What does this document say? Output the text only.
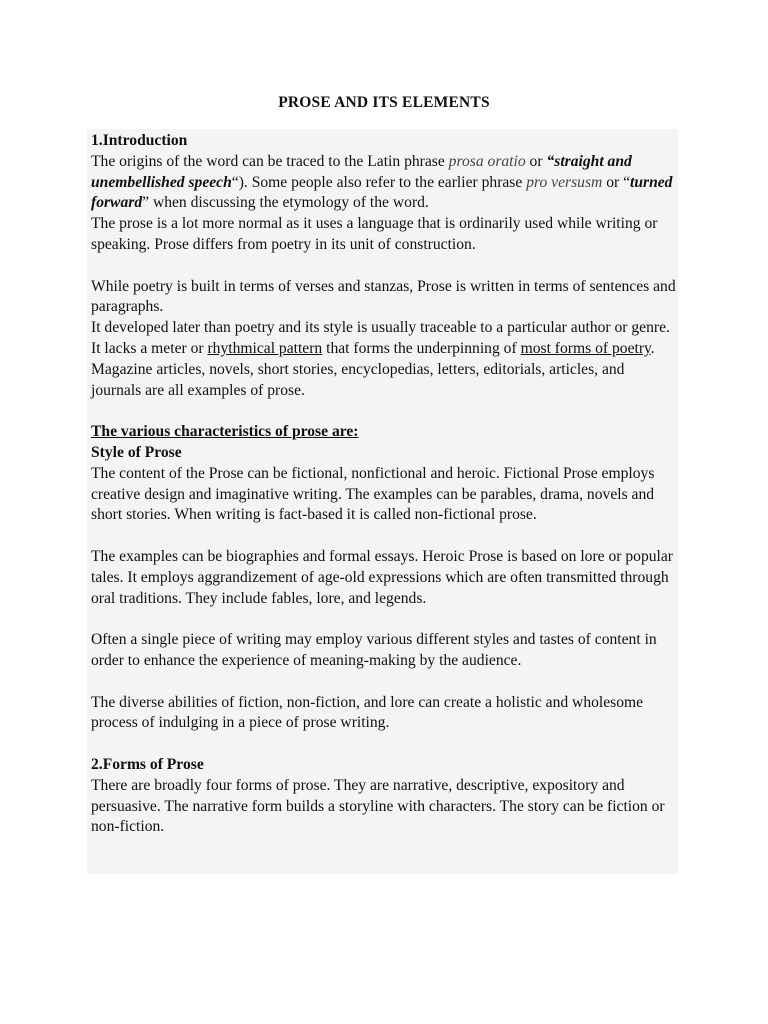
PROSE AND ITS ELEMENTS

1.Introduction

The origins of the word can be traced to the Latin phrase prosa oratio or “straight and unembellished speech“). Some people also refer to the earlier phrase pro versusm or “turned forward” when discussing the etymology of the word.

The prose is a lot more normal as it uses a language that is ordinarily used while writing or speaking. Prose differs from poetry in its unit of construction.

While poetry is built in terms of verses and stanzas, Prose is written in terms of sentences and paragraphs.

It developed later than poetry and its style is usually traceable to a particular author or genre. It lacks a meter or rhythmical pattern that forms the underpinning of most forms of poetry.

Magazine articles, novels, short stories, encyclopedias, letters, editorials, articles, and journals are all examples of prose.

The various characteristics of prose are:

Style of Prose

The content of the Prose can be fictional, nonfictional and heroic. Fictional Prose employs creative design and imaginative writing. The examples can be parables, drama, novels and short stories. When writing is fact-based it is called non-fictional prose.

The examples can be biographies and formal essays. Heroic Prose is based on lore or popular tales. It employs aggrandizement of age-old expressions which are often transmitted through oral traditions. They include fables, lore, and legends.

Often a single piece of writing may employ various different styles and tastes of content in order to enhance the experience of meaning-making by the audience.

The diverse abilities of fiction, non-fiction, and lore can create a holistic and wholesome process of indulging in a piece of prose writing.

2.Forms of Prose

There are broadly four forms of prose. They are narrative, descriptive, expository and persuasive. The narrative form builds a storyline with characters. The story can be fiction or non-fiction.
